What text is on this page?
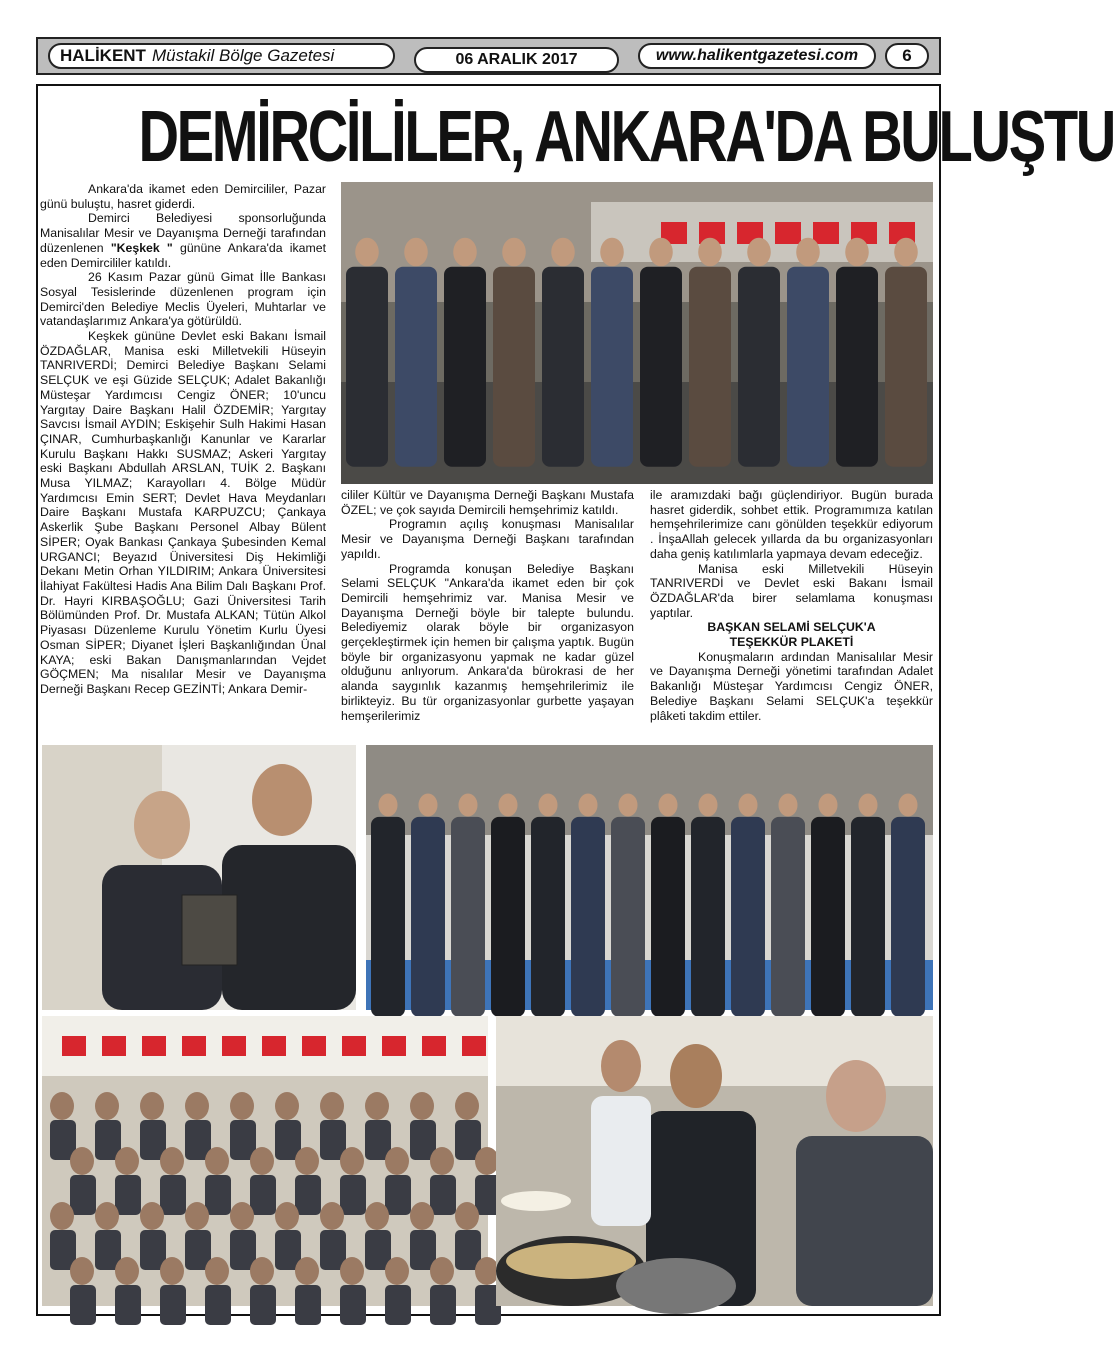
HALİKENT Müstakil Bölge Gazetesi	06 ARALIK 2017	www.halikentgazetesi.com	6
DEMİRCİLİLER, ANKARA'DA BULUŞTU

Ankara'da ikamet eden Demircililer, Pazar günü buluştu, hasret giderdi.

Demirci Belediyesi sponsorluğunda Manisalılar Mesir ve Dayanışma Derneği tarafından düzenlenen "Keşkek " gününe Ankara'da ikamet eden Demircililer katıldı.

26 Kasım Pazar günü Gimat İlle Bankası Sosyal Tesislerinde düzenlenen program için Demirci'den Belediye Meclis Üyeleri, Muhtarlar ve vatandaşlarımız Ankara'ya götürüldü.

Keşkek gününe Devlet eski Bakanı İsmail ÖZDAĞLAR, Manisa eski Milletvekili Hüseyin TANRIVERDİ; Demirci Belediye Başkanı Selami SELÇUK ve eşi Güzide SELÇUK; Adalet Bakanlığı Müsteşar Yardımcısı Cengiz ÖNER; 10'uncu Yargıtay Daire Başkanı Halil ÖZDEMİR; Yargıtay Savcısı İsmail AYDIN; Eskişehir Sulh Hakimi Hasan ÇINAR, Cumhurbaşkanlığı Kanunlar ve Kararlar Kurulu Başkanı Hakkı SUSMAZ; Askeri Yargıtay eski Başkanı Abdullah ARSLAN, TUİK 2. Başkanı Musa YILMAZ; Karayolları 4. Bölge Müdür Yardımcısı Emin SERT; Devlet Hava Meydanları Daire Başkanı Mustafa KARPUZCU; Çankaya Askerlik Şube Başkanı Personel Albay Bülent SİPER; Oyak Bankası Çankaya Şubesinden Kemal URGANCI; Beyazıd Üniversitesi Diş Hekimliği Dekanı Metin Orhan YILDIRIM; Ankara Üniversitesi İlahiyat Fakültesi Hadis Ana Bilim Dalı Başkanı Prof. Dr. Hayri KIRBAŞOĞLU; Gazi Üniversitesi Tarih Bölümünden Prof. Dr. Mustafa ALKAN; Tütün Alkol Piyasası Düzenleme Kurulu Yönetim Kurlu Üyesi Osman SİPER; Diyanet İşleri Başkanlığından Ünal KAYA; eski Bakan Danışmanlarından Vejdet GÖÇMEN; Ma nisalılar Mesir ve Dayanışma Derneği Başkanı Recep GEZİNTİ; Ankara Demir-

cililer Kültür ve Dayanışma Derneği Başkanı Mustafa ÖZEL; ve çok sayıda Demircili hemşehrimiz katıldı.

Programın açılış konuşması Manisalılar Mesir ve Dayanışma Derneği Başkanı tarafından yapıldı.

Programda konuşan Belediye Başkanı Selami SELÇUK "Ankara'da ikamet eden bir çok Demircili hemşehrimiz var. Manisa Mesir ve Dayanışma Derneği böyle bir talepte bulundu. Belediyemiz olarak böyle bir organizasyon gerçekleştirmek için hemen bir çalışma yaptık. Bugün böyle bir organizasyonu yapmak ne kadar güzel olduğunu anlıyorum. Ankara'da bürokrasi de her alanda saygınlık kazanmış hemşehrilerimiz ile birlikteyiz. Bu tür organizasyonlar gurbette yaşayan hemşerilerimiz

ile aramızdaki bağı güçlendiriyor. Bugün burada hasret giderdik, sohbet ettik. Programımıza katılan hemşehrilerimize canı gönülden teşekkür ediyorum . İnşaAllah gelecek yıllarda da bu organizasyonları daha geniş katılımlarla yapmaya devam edeceğiz.

Manisa eski Milletvekili Hüseyin TANRIVERDİ ve Devlet eski Bakanı İsmail ÖZDAĞLAR'da birer selamlama konuşması yaptılar.

BAŞKAN SELAMİ SELÇUK'A

TEŞEKKÜR PLAKETİ

Konuşmaların ardından Manisalılar Mesir ve Dayanışma Derneği yönetimi tarafından Adalet Bakanlığı Müsteşar Yardımcısı Cengiz ÖNER, Belediye Başkanı Selami SELÇUK'a teşekkür plâketi takdim ettiler.
